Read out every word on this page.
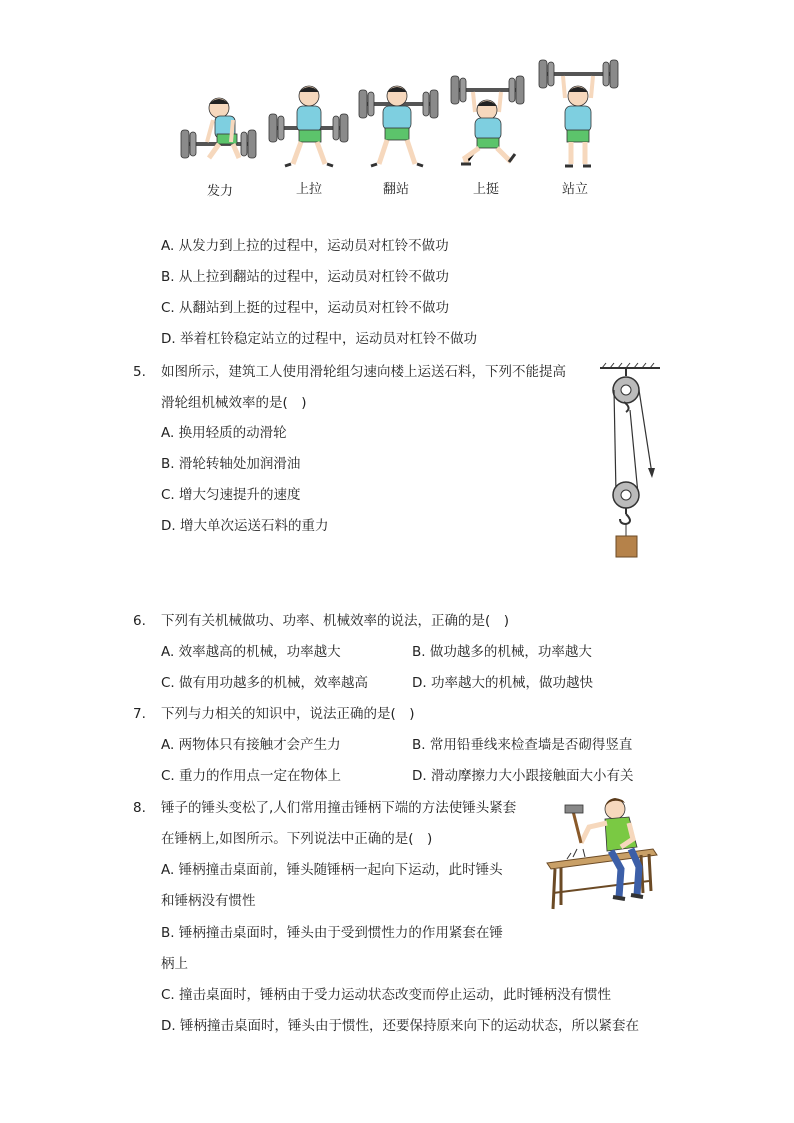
发力	上拉	翻站	上挺	站立
A. 从发力到上拉的过程中，运动员对杠铃不做功
B. 从上拉到翻站的过程中，运动员对杠铃不做功
C. 从翻站到上挺的过程中，运动员对杠铃不做功
D. 举着杠铃稳定站立的过程中，运动员对杠铃不做功
5. 如图所示，建筑工人使用滑轮组匀速向楼上运送石料，下列不能提高
滑轮组机械效率的是(　)
A. 换用轻质的动滑轮
B. 滑轮转轴处加润滑油
C. 增大匀速提升的速度
D. 增大单次运送石料的重力
6. 下列有关机械做功、功率、机械效率的说法，正确的是(　)
A. 效率越高的机械，功率越大	B. 做功越多的机械，功率越大
C. 做有用功越多的机械，效率越高	D. 功率越大的机械，做功越快
7. 下列与力相关的知识中，说法正确的是(　)
A. 两物体只有接触才会产生力	B. 常用铅垂线来检查墙是否砌得竖直
C. 重力的作用点一定在物体上	D. 滑动摩擦力大小跟接触面大小有关
8. 锤子的锤头变松了,人们常用撞击锤柄下端的方法使锤头紧套
在锤柄上,如图所示。下列说法中正确的是(　)
A. 锤柄撞击桌面前，锤头随锤柄一起向下运动，此时锤头
和锤柄没有惯性
B. 锤柄撞击桌面时，锤头由于受到惯性力的作用紧套在锤
柄上
C. 撞击桌面时，锤柄由于受力运动状态改变而停止运动，此时锤柄没有惯性
D. 锤柄撞击桌面时，锤头由于惯性，还要保持原来向下的运动状态，所以紧套在
